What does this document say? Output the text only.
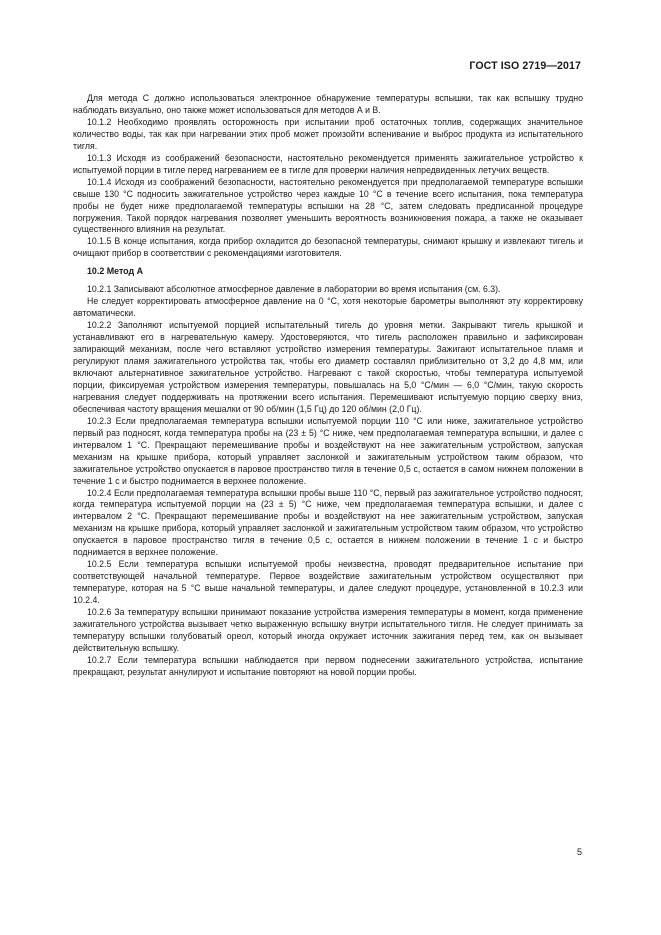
ГОСТ ISO 2719—2017

Для метода С должно использоваться электронное обнаружение температуры вспышки, так как вспышку трудно наблюдать визуально, оно также может использоваться для методов А и В.

10.1.2 Необходимо проявлять осторожность при испытании проб остаточных топлив, содержащих значительное количество воды, так как при нагревании этих проб может произойти вспенивание и выброс продукта из испытательного тигля.

10.1.3 Исходя из соображений безопасности, настоятельно рекомендуется применять зажигательное устройство к испытуемой порции в тигле перед нагреванием ее в тигле для проверки наличия непредвиденных летучих веществ.

10.1.4 Исходя из соображений безопасности, настоятельно рекомендуется при предполагаемой температуре вспышки свыше 130 °С подносить зажигательное устройство через каждые 10 °С в течение всего испытания, пока температура пробы не будет ниже предполагаемой температуры вспышки на 28 °С, затем следовать предписанной процедуре погружения. Такой порядок нагревания позволяет уменьшить вероятность возникновения пожара, а также не оказывает существенного влияния на результат.

10.1.5 В конце испытания, когда прибор охладится до безопасной температуры, снимают крышку и извлекают тигель и очищают прибор в соответствии с рекомендациями изготовителя.

10.2 Метод А

10.2.1 Записывают абсолютное атмосферное давление в лаборатории во время испытания (см. 6.3).

Не следует корректировать атмосферное давление на 0 °С, хотя некоторые барометры выполняют эту корректировку автоматически.

10.2.2 Заполняют испытуемой порцией испытательный тигель до уровня метки. Закрывают тигель крышкой и устанавливают его в нагревательную камеру. Удостоверяются, что тигель расположен правильно и зафиксирован запирающий механизм, после чего вставляют устройство измерения температуры. Зажигают испытательное пламя и регулируют пламя зажигательного устройства так, чтобы его диаметр составлял приблизительно от 3,2 до 4,8 мм, или включают альтернативное зажигательное устройство. Нагревают с такой скоростью, чтобы температура испытуемой порции, фиксируемая устройством измерения температуры, повышалась на 5,0 °С/мин — 6,0 °С/мин, такую скорость нагревания следует поддерживать на протяжении всего испытания. Перемешивают испытуемую порцию сверху вниз, обеспечивая частоту вращения мешалки от 90 об/мин (1,5 Гц) до 120 об/мин (2,0 Гц).

10.2.3 Если предполагаемая температура вспышки испытуемой порции 110 °С или ниже, зажигательное устройство первый раз подносят, когда температура пробы на (23 ± 5) °С ниже, чем предполагаемая температура вспышки, и далее с интервалом 1 °С. Прекращают перемешивание пробы и воздействуют на нее зажигательным устройством, запуская механизм на крышке прибора, который управляет заслонкой и зажигательным устройством таким образом, что зажигательное устройство опускается в паровое пространство тигля в течение 0,5 с, остается в самом нижнем положении в течение 1 с и быстро поднимается в верхнее положение.

10.2.4 Если предполагаемая температура вспышки пробы выше 110 °С, первый раз зажигательное устройство подносят, когда температура испытуемой порции на (23 ± 5) °С ниже, чем предполагаемая температура вспышки, и далее с интервалом 2 °С. Прекращают перемешивание пробы и воздействуют на нее зажигательным устройством, запуская механизм на крышке прибора, который управляет заслонкой и зажигательным устройством таким образом, что устройство опускается в паровое пространство тигля в течение 0,5 с, остается в нижнем положении в течение 1 с и быстро поднимается в верхнее положение.

10.2.5 Если температура вспышки испытуемой пробы неизвестна, проводят предварительное испытание при соответствующей начальной температуре. Первое воздействие зажигательным устройством осуществляют при температуре, которая на 5 °С выше начальной температуры, и далее следуют процедуре, установленной в 10.2.3 или 10.2.4.

10.2.6 За температуру вспышки принимают показание устройства измерения температуры в момент, когда применение зажигательного устройства вызывает четко выраженную вспышку внутри испытательного тигля. Не следует принимать за температуру вспышки голубоватый ореол, который иногда окружает источник зажигания перед тем, как он вызывает действительную вспышку.

10.2.7 Если температура вспышки наблюдается при первом поднесении зажигательного устройства, испытание прекращают, результат аннулируют и испытание повторяют на новой порции пробы.

5
